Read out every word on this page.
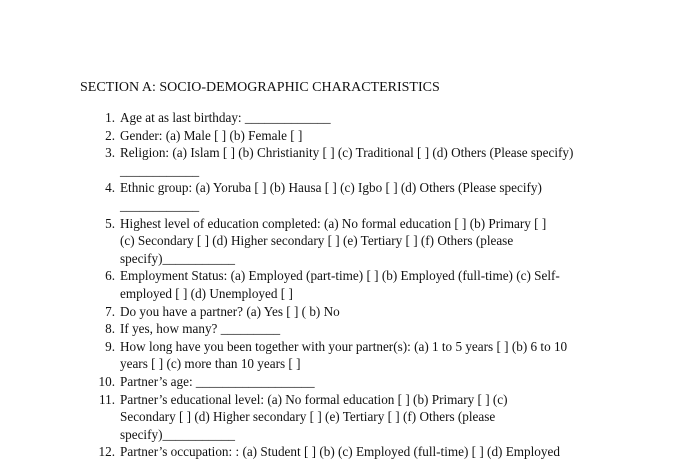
SECTION A: SOCIO-DEMOGRAPHIC CHARACTERISTICS
1. Age at as last birthday: _____________
2. Gender: (a) Male [ ] (b) Female [ ]
3. Religion: (a) Islam [ ] (b) Christianity [ ] (c) Traditional [ ] (d) Others (Please specify)
____________
4. Ethnic group: (a) Yoruba [ ] (b) Hausa [ ] (c) Igbo [ ] (d) Others (Please specify)
____________
5. Highest level of education completed: (a) No formal education [ ] (b) Primary [ ]
(c) Secondary [ ] (d) Higher secondary [ ] (e) Tertiary [ ] (f) Others (please
specify)___________
6. Employment Status: (a) Employed (part-time) [ ] (b) Employed (full-time) (c) Self-
employed [ ] (d) Unemployed [ ]
7. Do you have a partner? (a) Yes [ ] ( b) No
8. If yes, how many? _________
9. How long have you been together with your partner(s): (a) 1 to 5 years [ ] (b) 6 to 10
years [ ] (c) more than 10 years [ ]
10. Partner’s age: __________________
11. Partner’s educational level: (a) No formal education [ ] (b) Primary [ ] (c)
Secondary [ ] (d) Higher secondary [ ] (e) Tertiary [ ] (f) Others (please
specify)___________
12. Partner’s occupation: : (a) Student [ ] (b) (c) Employed (full-time) [ ] (d) Employed
